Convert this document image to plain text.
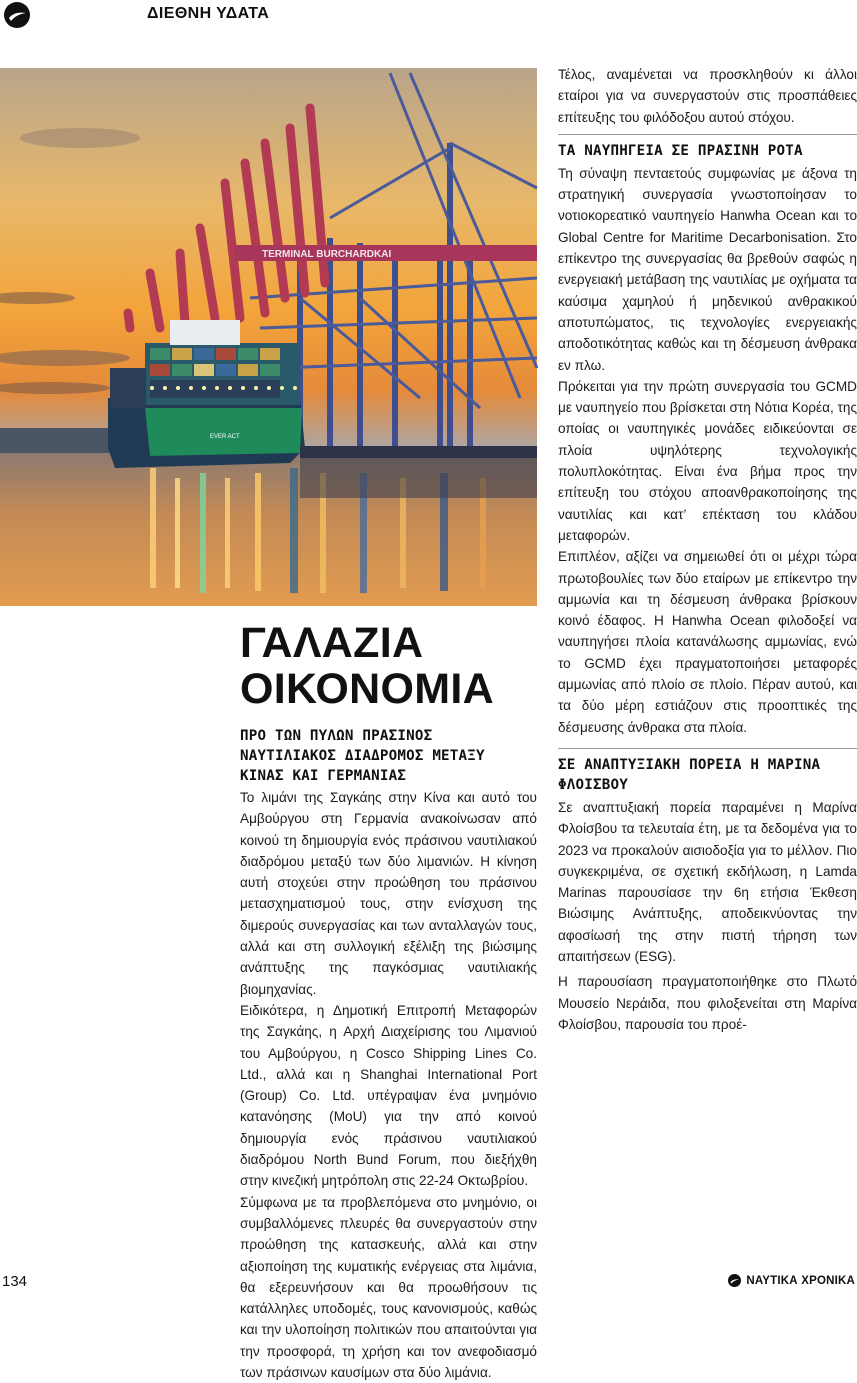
ΔΙΕΘΝΗ ΥΔΑΤΑ
TERMINAL BURCHARDKAI
EVER ACT
ΓΑΛΑΖΙΑ
ΟΙΚΟΝΟΜΙΑ
ΠΡΟ ΤΩΝ ΠΥΛΩΝ ΠΡΑΣΙΝΟΣ ΝΑΥΤΙΛΙΑΚΟΣ ΔΙΑΔΡΟΜΟΣ ΜΕΤΑΞΥ ΚΙΝΑΣ ΚΑΙ ΓΕΡΜΑΝΙΑΣ

Το λιμάνι της Σαγκάης στην Κίνα και αυτό του Αμβούργου στη Γερμανία ανακοίνωσαν από κοινού τη δημιουργία ενός πράσινου ναυτιλιακού διαδρόμου μεταξύ των δύο λιμανιών. Η κίνηση αυτή στοχεύει στην προώθηση του πράσινου μετασχηματισμού τους, στην ενίσχυση της διμερούς συνεργασίας και των ανταλλαγών τους, αλλά και στη συλλογική εξέλιξη της βιώσιμης ανάπτυξης της παγκόσμιας ναυτιλιακής βιομηχανίας.

Ειδικότερα, η Δημοτική Επιτροπή Μεταφορών της Σαγκάης, η Αρχή Διαχείρισης του Λιμανιού του Αμβούργου, η Cosco Shipping Lines Co. Ltd., αλλά και η Shanghai International Port (Group) Co. Ltd. υπέγραψαν ένα μνημόνιο κατανόησης (MoU) για την από κοινού δημιουργία ενός πράσινου ναυτιλιακού διαδρόμου North Bund Forum, που διεξήχθη στην κινεζική μητρόπολη στις 22-24 Οκτωβρίου.

Σύμφωνα με τα προβλεπόμενα στο μνημόνιο, οι συμβαλλόμενες πλευρές θα συνεργαστούν στην προώθηση της κατασκευής, αλλά και στην αξιοποίηση της κυματικής ενέργειας στα λιμάνια, θα εξερευνήσουν και θα προωθήσουν τις κατάλληλες υποδομές, τους κανονισμούς, καθώς και την υλοποίηση πολιτικών που απαιτούνται για την προσφορά, τη χρήση και τον ανεφοδιασμό των πράσινων καυσίμων στα δύο λιμάνια.

Τέλος, αναμένεται να προσκληθούν κι άλλοι εταίροι για να συνεργαστούν στις προσπάθειες επίτευξης του φιλόδοξου αυτού στόχου.

ΤΑ ΝΑΥΠΗΓΕΙΑ ΣΕ ΠΡΑΣΙΝΗ ΡΟΤΑ

Τη σύναψη πενταετούς συμφωνίας με άξονα τη στρατηγική συνεργασία γνωστοποίησαν το νοτιοκορεατικό ναυπηγείο Hanwha Ocean και το Global Centre for Maritime Decarbonisation. Στο επίκεντρο της συνεργασίας θα βρεθούν σαφώς η ενεργειακή μετάβαση της ναυτιλίας με οχήματα τα καύσιμα χαμηλού ή μηδενικού ανθρακικού αποτυπώματος, τις τεχνολογίες ενεργειακής αποδοτικότητας καθώς και τη δέσμευση άνθρακα εν πλω.

Πρόκειται για την πρώτη συνεργασία του GCMD με ναυπηγείο που βρίσκεται στη Νότια Κορέα, της οποίας οι ναυπηγικές μονάδες ειδικεύονται σε πλοία υψηλότερης τεχνολογικής πολυπλοκότητας. Είναι ένα βήμα προς την επίτευξη του στόχου αποανθρακοποίησης της ναυτιλίας και κατ’ επέκταση του κλάδου μεταφορών.

Επιπλέον, αξίζει να σημειωθεί ότι οι μέχρι τώρα πρωτοβουλίες των δύο εταίρων με επίκεντρο την αμμωνία και τη δέσμευση άνθρακα βρίσκουν κοινό έδαφος. Η Hanwha Ocean φιλοδοξεί να ναυπηγήσει πλοία κατανάλωσης αμμωνίας, ενώ το GCMD έχει πραγματοποιήσει μεταφορές αμμωνίας από πλοίο σε πλοίο. Πέραν αυτού, και τα δύο μέρη εστιάζουν στις προοπτικές της δέσμευσης άνθρακα στα πλοία.

ΣΕ ΑΝΑΠΤΥΞΙΑΚΗ ΠΟΡΕΙΑ Η ΜΑΡΙΝΑ ΦΛΟΙΣΒΟΥ

Σε αναπτυξιακή πορεία παραμένει η Μαρίνα Φλοίσβου τα τελευταία έτη, με τα δεδομένα για το 2023 να προκαλούν αισιοδοξία για το μέλλον. Πιο συγκεκριμένα, σε σχετική εκδήλωση, η Lamda Marinas παρουσίασε την 6η ετήσια Έκθεση Βιώσιμης Ανάπτυξης, αποδεικνύοντας την αφοσίωσή της στην πιστή τήρηση των απαιτήσεων (ESG).

Η παρουσίαση πραγματοποιήθηκε στο Πλωτό Μουσείο Νεράιδα, που φιλοξενείται στη Μαρίνα Φλοίσβου, παρουσία του προέ-

134	ΝΑΥΤΙΚΑ ΧΡΟΝΙΚΑ
